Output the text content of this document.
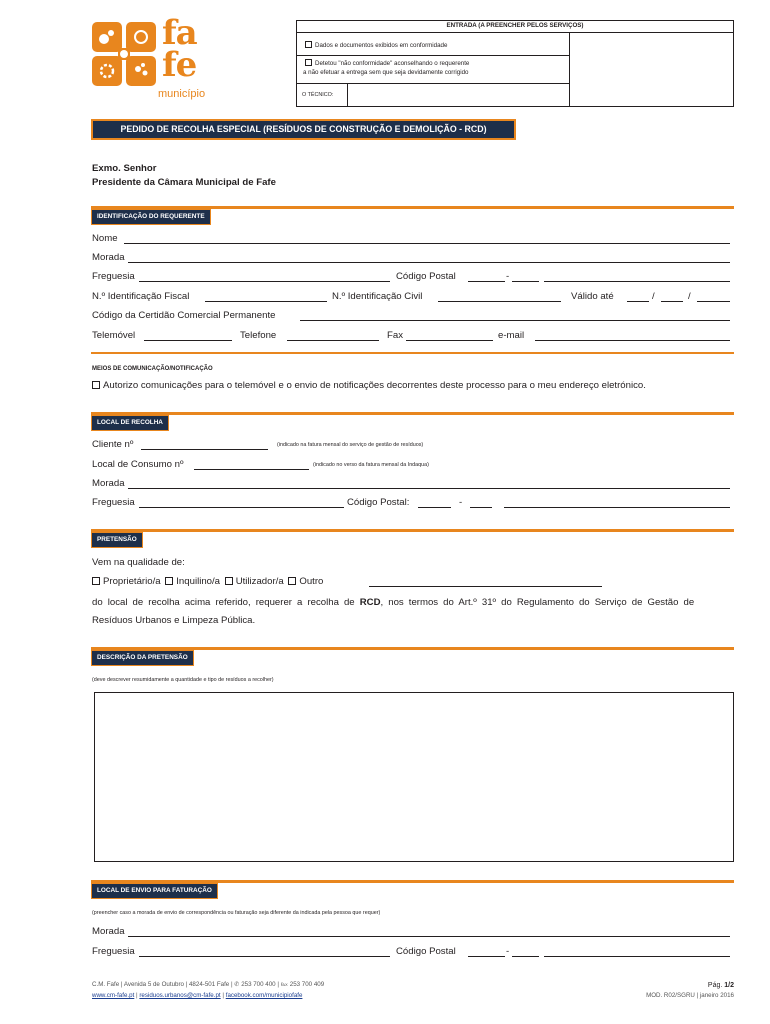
fa
fe
município
ENTRADA (A PREENCHER PELOS SERVIÇOS)
Dados e documentos exibidos em conformidade
Detetou "não conformidade" aconselhando o requerente
a não efetuar a entrega sem que seja devidamente corrigido
O TÉCNICO:
PEDIDO DE RECOLHA ESPECIAL (RESÍDUOS DE CONSTRUÇÃO E DEMOLIÇÃO - RCD)
Exmo. Senhor
Presidente da Câmara Municipal de Fafe
IDENTIFICAÇÃO DO REQUERENTE
Nome
Morada
Freguesia	Código Postal	-
N.º Identificação Fiscal	N.º Identificação Civil	Válido até	/	/
Código da Certidão Comercial Permanente
Telemóvel	Telefone	Fax	e-mail
MEIOS DE COMUNICAÇÃO/NOTIFICAÇÃO
Autorizo comunicações para o telemóvel e o envio de notificações decorrentes deste processo para o meu endereço eletrónico.
LOCAL DE RECOLHA
Cliente nº	(indicado na fatura mensal do serviço de gestão de resíduos)
Local de Consumo nº	(indicado no verso da fatura mensal da Indaqua)
Morada
Freguesia	Código Postal:	-
PRETENSÃO
Vem na qualidade de:
Proprietário/a Inquilino/a Utilizador/a Outro
do local de recolha acima referido, requerer a recolha de RCD, nos termos do Art.º 31º do Regulamento do Serviço de Gestão de
Resíduos Urbanos e Limpeza Pública.
DESCRIÇÃO DA PRETENSÃO
(deve descrever resumidamente a quantidade e tipo de resíduos a recolher)
LOCAL DE ENVIO PARA FATURAÇÃO
(preencher caso a morada de envio de correspondência ou faturação seja diferente da indicada pela pessoa que requer)
Morada
Freguesia	Código Postal	-
C.M. Fafe | Avenida 5 de Outubro | 4824-501 Fafe | ✆ 253 700 400 | ℻ 253 700 409
www.cm-fafe.pt | residuos.urbanos@cm-fafe.pt | facebook.com/municipiofafe
Pág. 1/2
MOD. R02/SGRU | janeiro 2016
